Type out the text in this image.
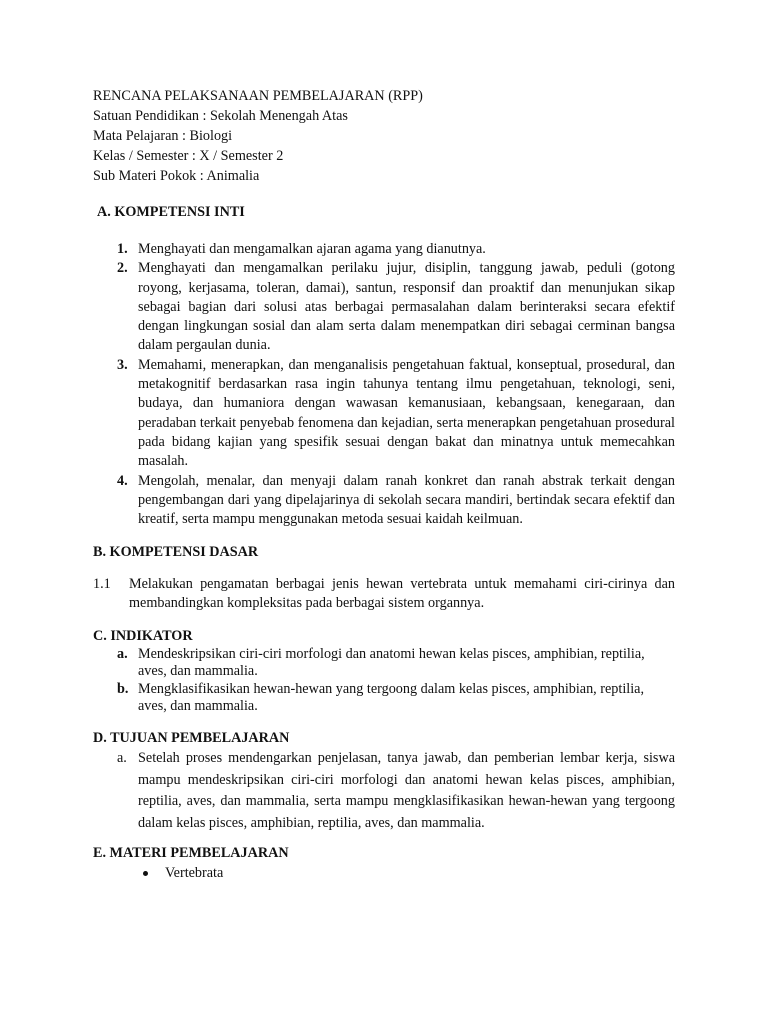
RENCANA PELAKSANAAN PEMBELAJARAN (RPP)
Satuan Pendidikan : Sekolah Menengah Atas
Mata Pelajaran : Biologi
Kelas / Semester : X / Semester 2
Sub Materi Pokok : Animalia
A. KOMPETENSI INTI
1. Menghayati dan mengamalkan ajaran agama yang dianutnya.
2. Menghayati dan mengamalkan perilaku jujur, disiplin, tanggung jawab, peduli (gotong royong, kerjasama, toleran, damai), santun, responsif dan proaktif dan menunjukan sikap sebagai bagian dari solusi atas berbagai permasalahan dalam berinteraksi secara efektif dengan lingkungan sosial dan alam serta dalam menempatkan diri sebagai cerminan bangsa dalam pergaulan dunia.
3. Memahami, menerapkan, dan menganalisis pengetahuan faktual, konseptual, prosedural, dan metakognitif berdasarkan rasa ingin tahunya tentang ilmu pengetahuan, teknologi, seni, budaya, dan humaniora dengan wawasan kemanusiaan, kebangsaan, kenegaraan, dan peradaban terkait penyebab fenomena dan kejadian, serta menerapkan pengetahuan prosedural pada bidang kajian yang spesifik sesuai dengan bakat dan minatnya untuk memecahkan masalah.
4. Mengolah, menalar, dan menyaji dalam ranah konkret dan ranah abstrak terkait dengan pengembangan dari yang dipelajarinya di sekolah secara mandiri, bertindak secara efektif dan kreatif, serta mampu menggunakan metoda sesuai kaidah keilmuan.
B. KOMPETENSI DASAR
1.1	Melakukan pengamatan berbagai jenis hewan vertebrata untuk memahami ciri-cirinya dan membandingkan kompleksitas pada berbagai sistem organnya.
C. INDIKATOR
a. Mendeskripsikan ciri-ciri morfologi dan anatomi hewan kelas pisces, amphibian, reptilia, aves, dan mammalia.
b. Mengklasifikasikan hewan-hewan yang tergoong dalam kelas pisces, amphibian, reptilia, aves, dan mammalia.
D. TUJUAN PEMBELAJARAN
a. Setelah proses mendengarkan penjelasan, tanya jawab, dan pemberian lembar kerja, siswa mampu mendeskripsikan ciri-ciri morfologi dan anatomi hewan kelas pisces, amphibian, reptilia, aves, dan mammalia, serta mampu mengklasifikasikan hewan-hewan yang tergoong dalam kelas pisces, amphibian, reptilia, aves, dan mammalia.
E. MATERI PEMBELAJARAN
Vertebrata
